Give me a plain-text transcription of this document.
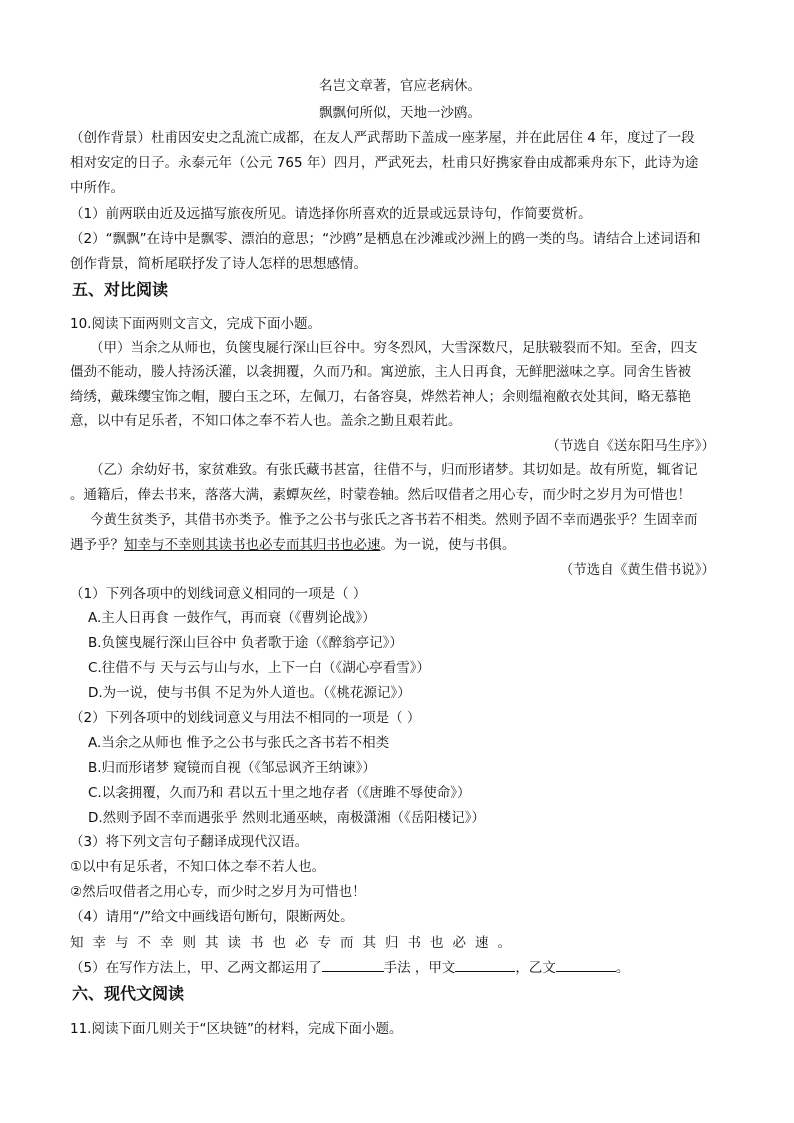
名岂文章著，官应老病休。
飘飘何所似，天地一沙鸥。
（创作背景）杜甫因安史之乱流亡成都，在友人严武帮助下盖成一座茅屋，并在此居住 4 年，度过了一段
相对安定的日子。永泰元年（公元 765 年）四月，严武死去，杜甫只好携家眷由成都乘舟东下，此诗为途
中所作。
（1）前两联由近及远描写旅夜所见。请选择你所喜欢的近景或远景诗句，作简要赏析。
（2）“飘飘”在诗中是飘零、漂泊的意思；“沙鸥”是栖息在沙滩或沙洲上的鸥一类的鸟。请结合上述词语和
创作背景，简析尾联抒发了诗人怎样的思想感情。
五、对比阅读
10.阅读下面两则文言文，完成下面小题。
（甲）当余之从师也，负箧曳屣行深山巨谷中。穷冬烈风，大雪深数尺，足肤皲裂而不知。至舍，四支
僵劲不能动，媵人持汤沃灌，以衾拥覆，久而乃和。寓逆旅，主人日再食，无鲜肥滋味之享。同舍生皆被
绮绣，戴珠缨宝饰之帽，腰白玉之环，左佩刀，右备容臭，烨然若神人；余则缊袍敝衣处其间，略无慕艳
意，以中有足乐者，不知口体之奉不若人也。盖余之勤且艰若此。
（节选自《送东阳马生序》）
（乙）余幼好书，家贫难致。有张氏藏书甚富，往借不与，归而形诸梦。其切如是。故有所览，辄省记
。通籍后，俸去书来，落落大满，素蟫灰丝，时蒙卷轴。然后叹借者之用心专，而少时之岁月为可惜也！
今黄生贫类予，其借书亦类予。惟予之公书与张氏之吝书若不相类。然则予固不幸而遇张乎？生固幸而
遇予乎？知幸与不幸则其读书也必专而其归书也必速。为一说，使与书俱。
（节选自《黄生借书说》）
（1）下列各项中的划线词意义相同的一项是（ ）
A.主人日再食 一鼓作气，再而衰（《曹刿论战》）
B.负箧曳屣行深山巨谷中 负者歌于途（《醉翁亭记》）
C.往借不与 天与云与山与水，上下一白（《湖心亭看雪》）
D.为一说，使与书俱 不足为外人道也。（《桃花源记》）
（2）下列各项中的划线词意义与用法不相同的一项是（ ）
A.当余之从师也 惟予之公书与张氏之吝书若不相类
B.归而形诸梦 窥镜而自视（《邹忌讽齐王纳谏》）
C.以衾拥覆，久而乃和 君以五十里之地存者（《唐雎不辱使命》）
D.然则予固不幸而遇张乎 然则北通巫峡，南极潇湘（《岳阳楼记》）
（3）将下列文言句子翻译成现代汉语。
①以中有足乐者，不知口体之奉不若人也。
②然后叹借者之用心专，而少时之岁月为可惜也！
（4）请用“/”给文中画线语句断句，限断两处。
知幸与不幸则其读书也必专而其归书也必速。
（5）在写作方法上，甲、乙两文都运用了	手法 ，甲文	，乙文	。
六、现代文阅读
11.阅读下面几则关于“区块链”的材料，完成下面小题。
